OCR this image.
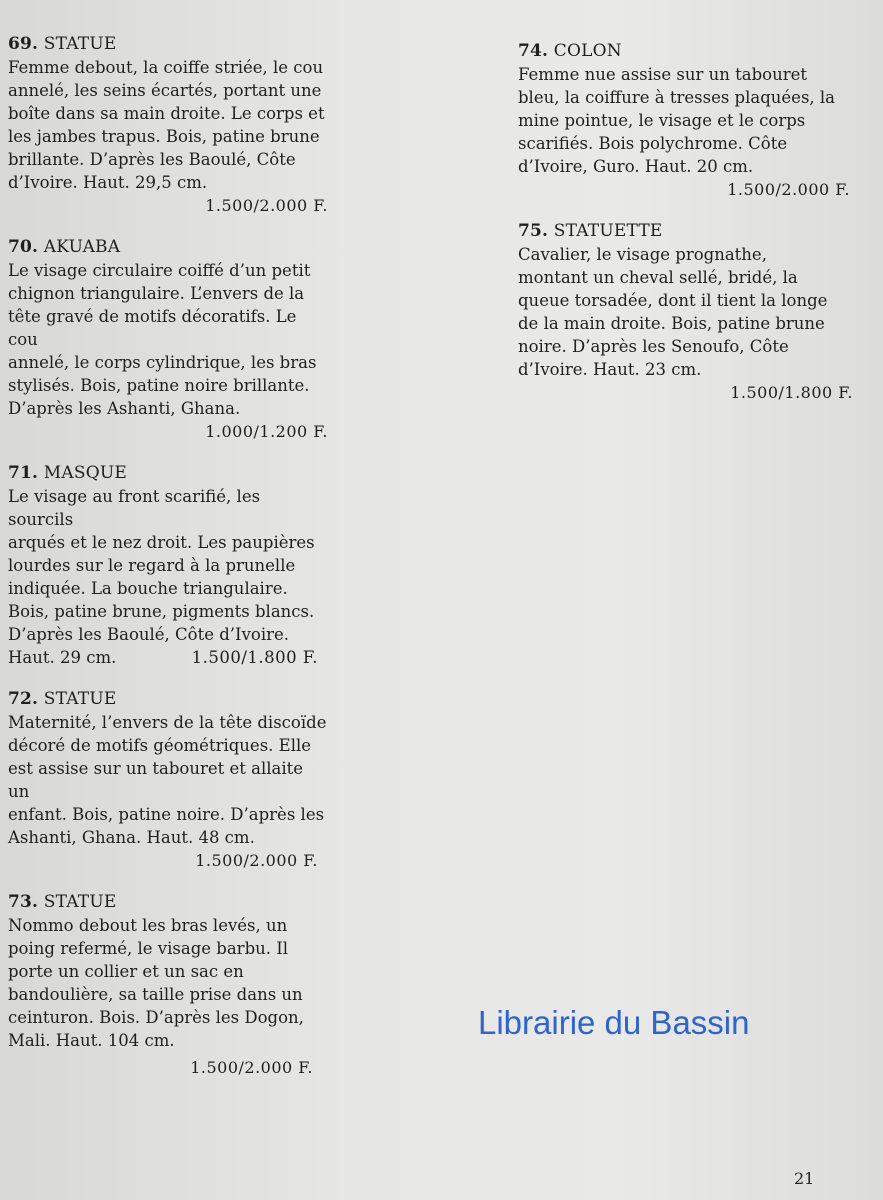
69. STATUE

Femme debout, la coiffe striée, le cou
annelé, les seins écartés, portant une
boîte dans sa main droite. Le corps et
les jambes trapus. Bois, patine brune
brillante. D’après les Baoulé, Côte
d’Ivoire. Haut. 29,5 cm.

1.500/2.000 F.
70. AKUABA

Le visage circulaire coiffé d’un petit
chignon triangulaire. L’envers de la
tête gravé de motifs décoratifs. Le cou
annelé, le corps cylindrique, les bras
stylisés. Bois, patine noire brillante.
D’après les Ashanti, Ghana.

1.000/1.200 F.
71. MASQUE

Le visage au front scarifié, les sourcils
arqués et le nez droit. Les paupières
lourdes sur le regard à la prunelle
indiquée. La bouche triangulaire.
Bois, patine brune, pigments blancs.
D’après les Baoulé, Côte d’Ivoire.

Haut. 29 cm.	1.500/1.800 F.
72. STATUE

Maternité, l’envers de la tête discoïde
décoré de motifs géométriques. Elle
est assise sur un tabouret et allaite un
enfant. Bois, patine noire. D’après les
Ashanti, Ghana. Haut. 48 cm.

1.500/2.000 F.
73. STATUE

Nommo debout les bras levés, un
poing refermé, le visage barbu. Il
porte un collier et un sac en
bandoulière, sa taille prise dans un
ceinturon. Bois. D’après les Dogon,
Mali. Haut. 104 cm.

1.500/2.000 F.
74. COLON

Femme nue assise sur un tabouret
bleu, la coiffure à tresses plaquées, la
mine pointue, le visage et le corps
scarifiés. Bois polychrome. Côte
d’Ivoire, Guro. Haut. 20 cm.

1.500/2.000 F.
75. STATUETTE

Cavalier, le visage prognathe,
montant un cheval sellé, bridé, la
queue torsadée, dont il tient la longe
de la main droite. Bois, patine brune
noire. D’après les Senoufo, Côte
d’Ivoire. Haut. 23 cm.

1.500/1.800 F.
Librairie du Bassin
21
